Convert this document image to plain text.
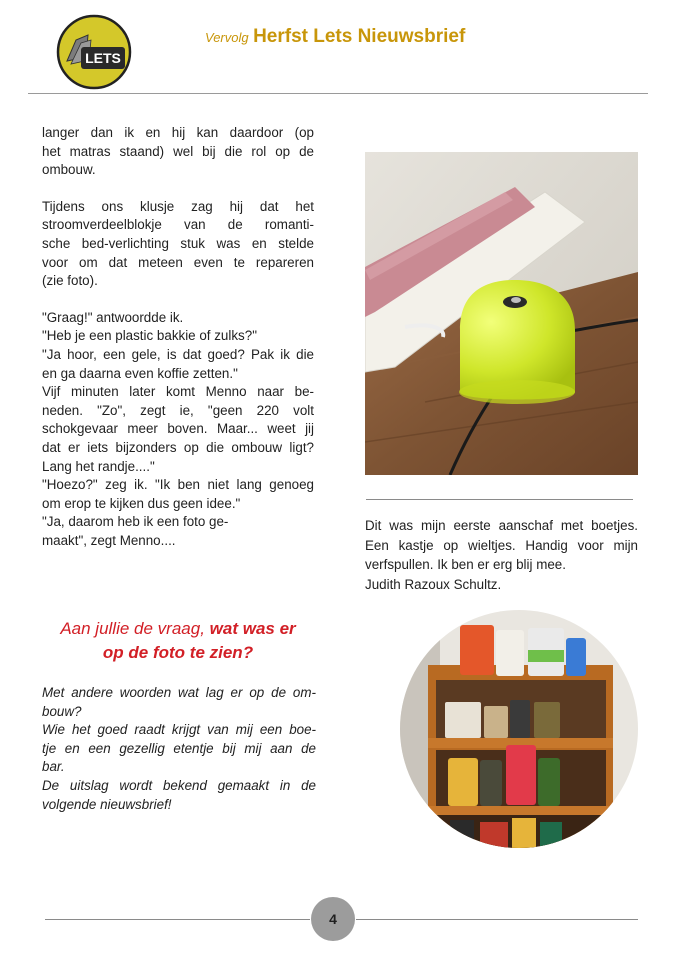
LETS
Vervolg Herfst Lets Nieuwsbrief
langer dan ik en hij kan daardoor (op
het matras staand) wel bij die rol op de
ombouw.
Tijdens ons klusje zag hij dat het
stroomverdeelblokje van de romanti-
sche bed-verlichting stuk was en stelde
voor om dat meteen even te repareren
(zie foto).
"Graag!" antwoordde ik.
"Heb je een plastic bakkie of zulks?"
"Ja hoor, een gele, is dat goed? Pak ik die
en ga daarna even koffie zetten."
Vijf minuten later komt Menno naar be-
neden. "Zo", zegt ie, "geen 220 volt
schokgevaar meer boven. Maar... weet jij
dat er iets bijzonders op die ombouw ligt?
Lang het randje...."
"Hoezo?" zeg ik. "Ik ben niet lang genoeg
om erop te kijken dus geen idee."
"Ja, daarom heb ik een foto ge-
maakt", zegt Menno....
Dit was mijn eerste aanschaf met boetjes.
Een kastje op wieltjes. Handig voor mijn
verfspullen. Ik ben er erg blij mee.
Judith Razoux Schultz.
Aan jullie de vraag, wat was er
op de foto te zien?
Met andere woorden wat lag er op de om-
bouw?
Wie het goed raadt krijgt van mij een boe-
tje en een gezellig etentje bij mij aan de
bar.
De uitslag wordt bekend gemaakt in de
volgende nieuwsbrief!
4
